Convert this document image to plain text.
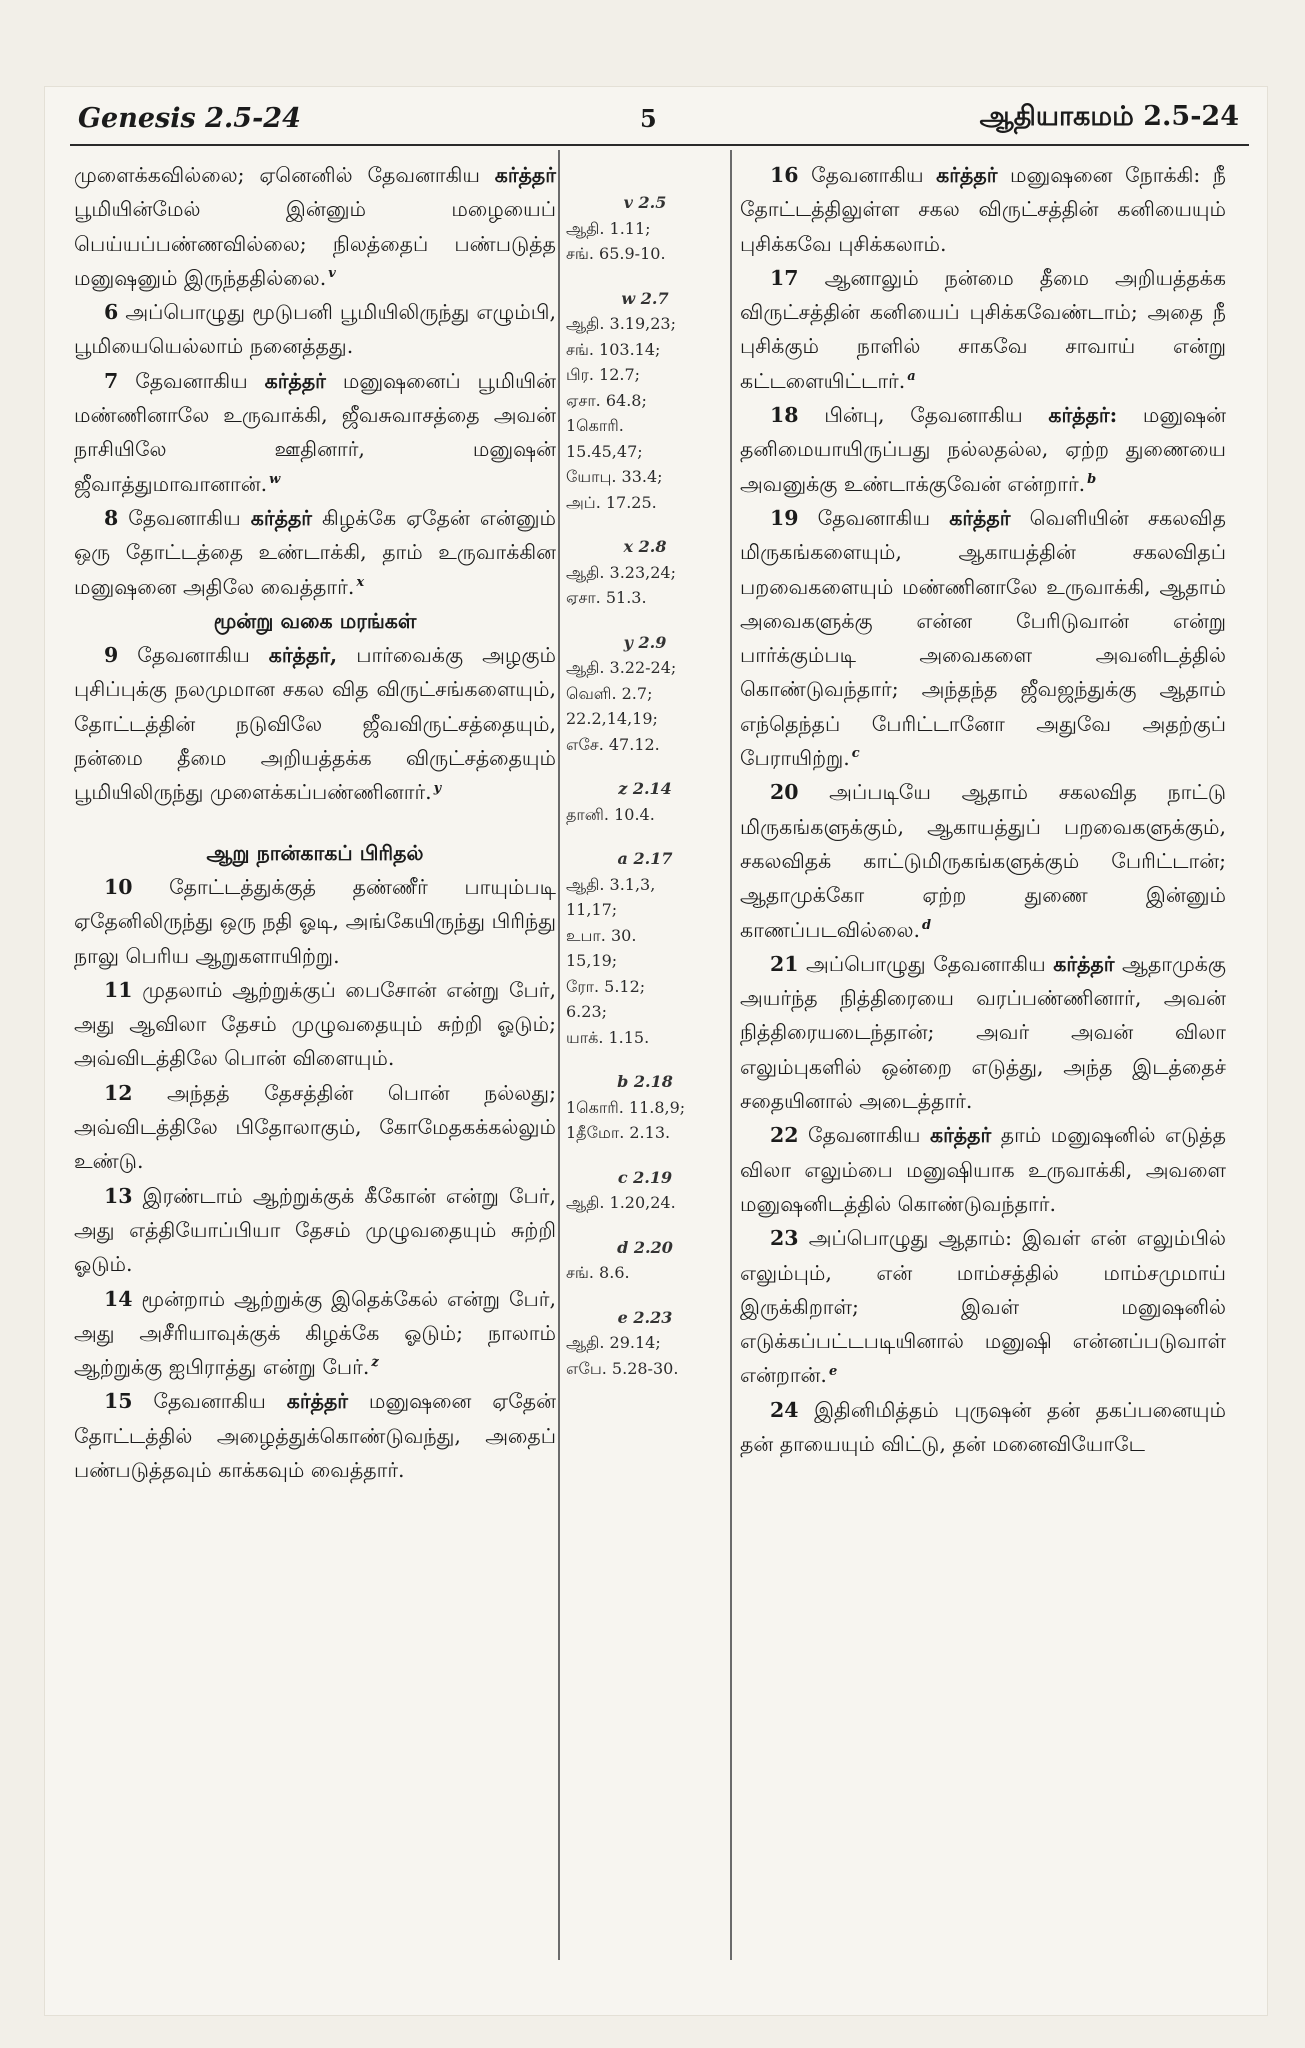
Genesis 2.5-24	5	ஆதியாகமம் 2.5-24

முளைக்கவில்லை; ஏனெனில் தேவனாகிய கர்த்தர் பூமியின்மேல் இன்னும் மழையைப் பெய்யப்பண்ணவில்லை; நிலத்தைப் பண்படுத்த மனுஷனும் இருந்ததில்லை. $^v$

6 அப்பொழுது மூடுபனி பூமியிலிருந்து எழும்பி, பூமியையெல்லாம் நனைத்தது.

7 தேவனாகிய கர்த்தர் மனுஷனைப் பூமியின் மண்ணினாலே உருவாக்கி, ஜீவசுவாசத்தை அவன் நாசியிலே ஊதினார், மனுஷன் ஜீவாத்துமாவானான். $^w$

8 தேவனாகிய கர்த்தர் கிழக்கே ஏதேன் என்னும் ஒரு தோட்டத்தை உண்டாக்கி, தாம் உருவாக்கின மனுஷனை அதிலே வைத்தார். $^x$

மூன்று வகை மரங்கள்

9 தேவனாகிய கர்த்தர், பார்வைக்கு அழகும் புசிப்புக்கு நலமுமான சகல வித விருட்சங்களையும், தோட்டத்தின் நடுவிலே ஜீவவிருட்சத்தையும், நன்மை தீமை அறியத்தக்க விருட்சத்தையும் பூமியிலிருந்து முளைக்கப்பண்ணினார். $^y$

ஆறு நான்காகப் பிரிதல்

10 தோட்டத்துக்குத் தண்ணீர் பாயும்படி ஏதேனிலிருந்து ஒரு நதி ஓடி, அங்கேயிருந்து பிரிந்து நாலு பெரிய ஆறுகளாயிற்று.

11 முதலாம் ஆற்றுக்குப் பைசோன் என்று பேர், அது ஆவிலா தேசம் முழுவதையும் சுற்றி ஓடும்; அவ்விடத்திலே பொன் விளையும்.

12 அந்தத் தேசத்தின் பொன் நல்லது; அவ்விடத்திலே பிதோலாகும், கோமேதகக்கல்லும் உண்டு.

13 இரண்டாம் ஆற்றுக்குக் கீகோன் என்று பேர், அது எத்தியோப்பியா தேசம் முழுவதையும் சுற்றி ஓடும்.

14 மூன்றாம் ஆற்றுக்கு இதெக்கேல் என்று பேர், அது அசீரியாவுக்குக் கிழக்கே ஓடும்; நாலாம் ஆற்றுக்கு ஐபிராத்து என்று பேர். $^z$

15 தேவனாகிய கர்த்தர் மனுஷனை ஏதேன் தோட்டத்தில் அழைத்துக்கொண்டுவந்து, அதைப் பண்படுத்தவும் காக்கவும் வைத்தார்.

v 2.5
ஆதி. 1.11;
சங். 65.9-10.
w 2.7
ஆதி. 3.19,23;
சங். 103.14;
பிர. 12.7;
ஏசா. 64.8;
1கொரி.
15.45,47;
யோபு. 33.4;
அப். 17.25.
x 2.8
ஆதி. 3.23,24;
ஏசா. 51.3.
y 2.9
ஆதி. 3.22-24;
வெளி. 2.7;
22.2,14,19;
எசே. 47.12.
z 2.14
தானி. 10.4.
a 2.17
ஆதி. 3.1,3,
11,17;
உபா. 30.
15,19;
ரோ. 5.12;
6.23;
யாக். 1.15.
b 2.18
1கொரி. 11.8,9;
1தீமோ. 2.13.
c 2.19
ஆதி. 1.20,24.
d 2.20
சங். 8.6.
e 2.23
ஆதி. 29.14;
எபே. 5.28-30.

16 தேவனாகிய கர்த்தர் மனுஷனை நோக்கி: நீ தோட்டத்திலுள்ள சகல விருட்சத்தின் கனியையும் புசிக்கவே புசிக்கலாம்.

17 ஆனாலும் நன்மை தீமை அறியத்தக்க விருட்சத்தின் கனியைப் புசிக்கவேண்டாம்; அதை நீ புசிக்கும் நாளில் சாகவே சாவாய் என்று கட்டளையிட்டார். $^a$

18 பின்பு, தேவனாகிய கர்த்தர்: மனுஷன் தனிமையாயிருப்பது நல்லதல்ல, ஏற்ற துணையை அவனுக்கு உண்டாக்குவேன் என்றார். $^b$

19 தேவனாகிய கர்த்தர் வெளியின் சகலவித மிருகங்களையும், ஆகாயத்தின் சகலவிதப் பறவைகளையும் மண்ணினாலே உருவாக்கி, ஆதாம் அவைகளுக்கு என்ன பேரிடுவான் என்று பார்க்கும்படி அவைகளை அவனிடத்தில் கொண்டுவந்தார்; அந்தந்த ஜீவஜந்துக்கு ஆதாம் எந்தெந்தப் பேரிட்டானோ அதுவே அதற்குப் பேராயிற்று. $^c$

20 அப்படியே ஆதாம் சகலவித நாட்டு மிருகங்களுக்கும், ஆகாயத்துப் பறவைகளுக்கும், சகலவிதக் காட்டுமிருகங்களுக்கும் பேரிட்டான்; ஆதாமுக்கோ ஏற்ற துணை இன்னும் காணப்படவில்லை. $^d$

21 அப்பொழுது தேவனாகிய கர்த்தர் ஆதாமுக்கு அயர்ந்த நித்திரையை வரப்பண்ணினார், அவன் நித்திரையடைந்தான்; அவர் அவன் விலா எலும்புகளில் ஒன்றை எடுத்து, அந்த இடத்தைச் சதையினால் அடைத்தார்.

22 தேவனாகிய கர்த்தர் தாம் மனுஷனில் எடுத்த விலா எலும்பை மனுஷியாக உருவாக்கி, அவளை மனுஷனிடத்தில் கொண்டுவந்தார்.

23 அப்பொழுது ஆதாம்: இவள் என் எலும்பில் எலும்பும், என் மாம்சத்தில் மாம்சமுமாய் இருக்கிறாள்; இவள் மனுஷனில் எடுக்கப்பட்டபடியினால் மனுஷி என்னப்படுவாள் என்றான். $^e$

24 இதினிமித்தம் புருஷன் தன் தகப்பனையும் தன் தாயையும் விட்டு, தன் மனைவியோடே
